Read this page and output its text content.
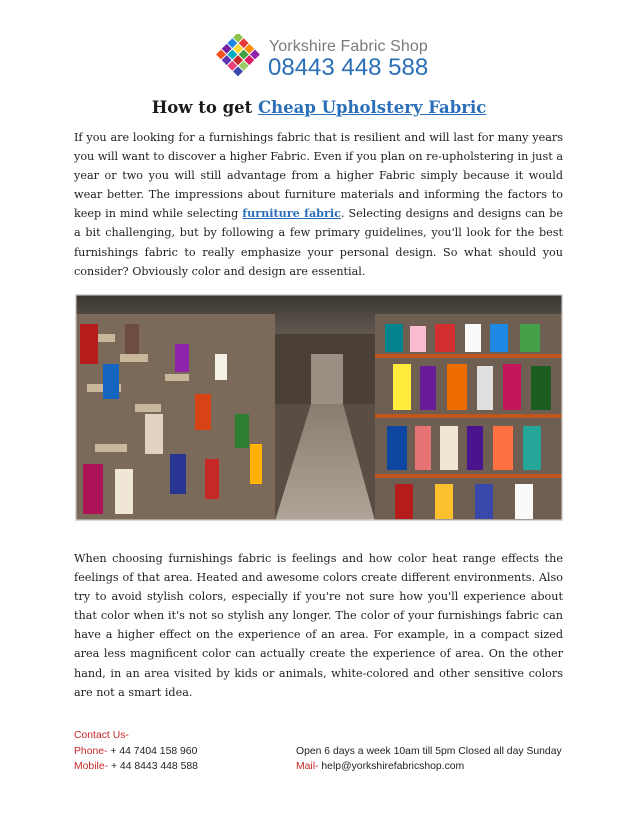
Yorkshire Fabric Shop
08443 448 588
How to get Cheap Upholstery Fabric
If you are looking for a furnishings fabric that is resilient and will last for many years you will want to discover a higher Fabric. Even if you plan on re-upholstering in just a year or two you will still advantage from a higher Fabric simply because it would wear better. The impressions about furniture materials and informing the factors to keep in mind while selecting furniture fabric. Selecting designs and designs can be a bit challenging, but by following a few primary guidelines, you'll look for the best furnishings fabric to really emphasize your personal design. So what should you consider? Obviously color and design are essential.
When choosing furnishings fabric is feelings and how color heat range effects the feelings of that area. Heated and awesome colors create different environments. Also try to avoid stylish colors, especially if you're not sure how you'll experience about that color when it's not so stylish any longer. The color of your furnishings fabric can have a higher effect on the experience of an area. For example, in a compact sized area less magnificent color can actually create the experience of area. On the other hand, in an area visited by kids or animals, white-colored and other sensitive colors are not a smart idea.
Contact Us-
Phone- + 44 7404 158 960	Open 6 days a week 10am till 5pm Closed all day Sunday
Mobile- + 44 8443 448 588	Mail- help@yorkshirefabricshop.com
